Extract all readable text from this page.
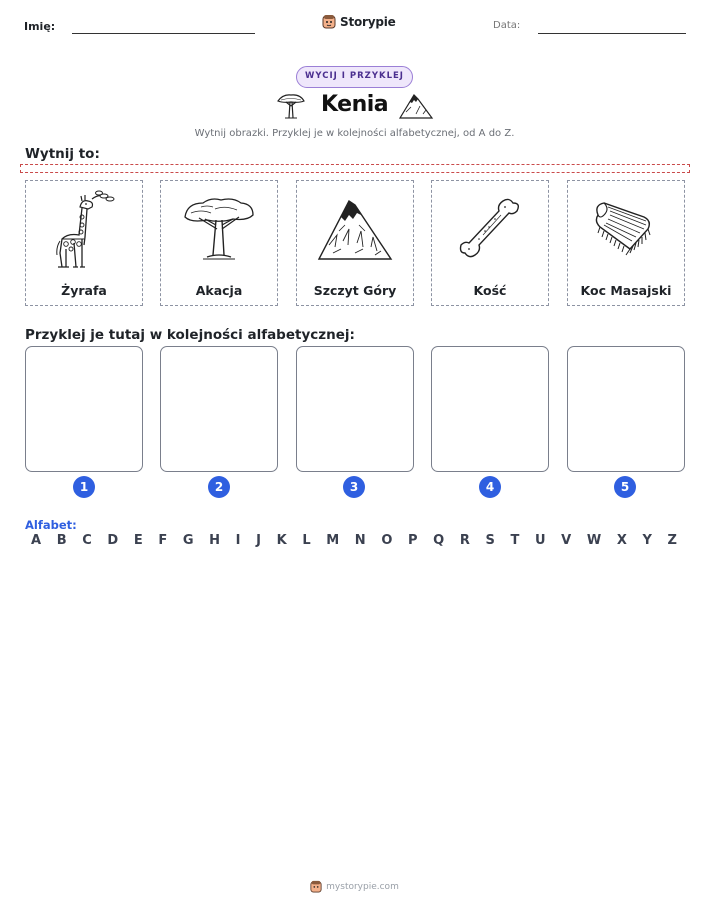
Imię:	Storypie	Data:
WYCIJ I PRZYKLEJ
Kenia
Wytnij obrazki. Przyklej je w kolejności alfabetycznej, od A do Z.
Wytnij to:
Żyrafa	Akacja	Szczyt Góry	Kość	Koc Masajski
Przyklej je tutaj w kolejności alfabetycznej:
1	2	3	4	5
Alfabet:
A B C D E F G H I J K L M N O P Q R S T U V W X Y Z
mystorypie.com
